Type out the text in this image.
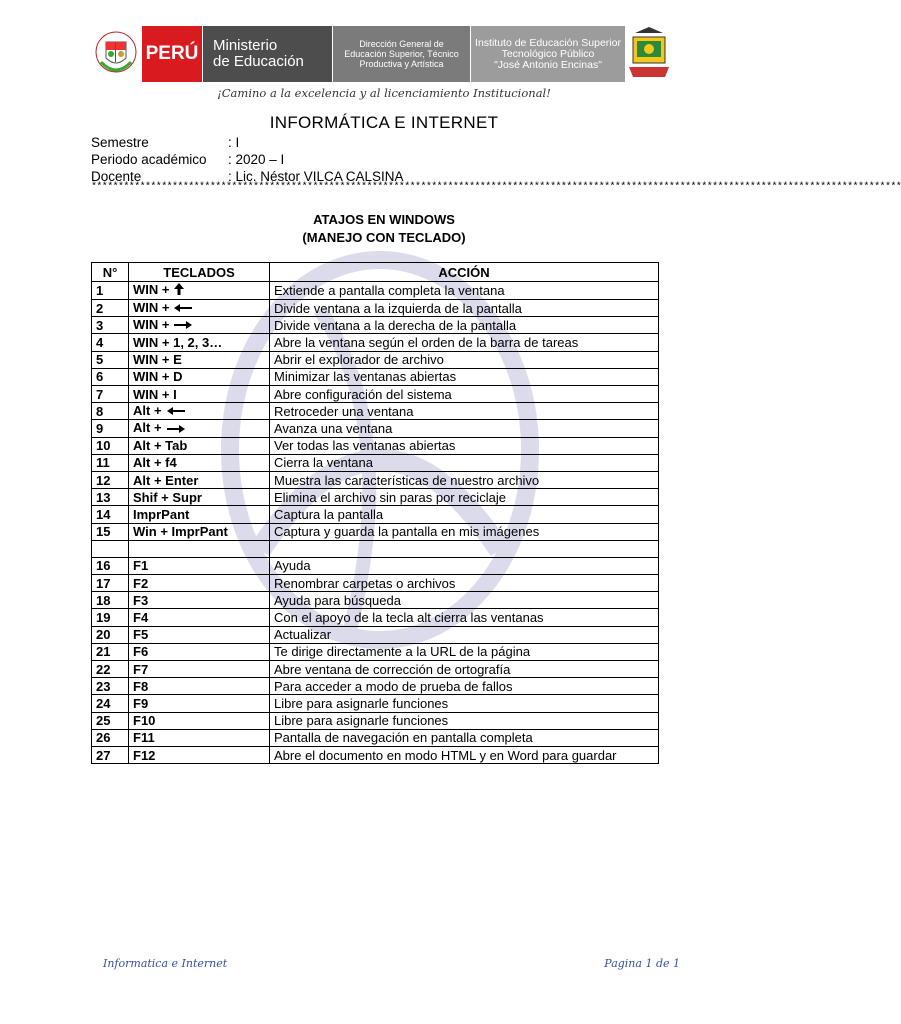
PERÚ Ministerio
de Educación
Dirección General de Educación Superior, Técnico Productiva y Artística
Instituto de Educación Superior
Tecnológico Público
"José Antonio Encinas"
¡Camino a la excelencia y al licenciamiento Institucional!
INFORMÁTICA E INTERNET
Semestre	: I
Periodo académico	: 2020 – I
Docente	: Lic. Néstor VILCA CALSINA
******************************************************************************************************************************************************
ATAJOS EN WINDOWS
(MANEJO CON TECLADO)
N°	TECLADOS	ACCIÓN
1	WIN +	Extiende a pantalla completa la ventana
2	WIN +	Divide ventana a la izquierda de la pantalla
3	WIN +	Divide ventana a la derecha de la pantalla
4	WIN + 1, 2, 3…	Abre la ventana según el orden de la barra de tareas
5	WIN + E	Abrir el explorador de archivo
6	WIN + D	Minimizar las ventanas abiertas
7	WIN + I	Abre configuración del sistema
8	Alt +	Retroceder una ventana
9	Alt +	Avanza una ventana
10	Alt + Tab	Ver todas las ventanas abiertas
11	Alt + f4	Cierra la ventana
12	Alt + Enter	Muestra las características de nuestro archivo
13	Shif + Supr	Elimina el archivo sin paras por reciclaje
14	ImprPant	Captura la pantalla
15	Win + ImprPant	Captura y guarda la pantalla en mis imágenes

16	F1	Ayuda
17	F2	Renombrar carpetas o archivos
18	F3	Ayuda para búsqueda
19	F4	Con el apoyo de la tecla alt cierra las ventanas
20	F5	Actualizar
21	F6	Te dirige directamente a la URL de la página
22	F7	Abre ventana de corrección de ortografía
23	F8	Para acceder a modo de prueba de fallos
24	F9	Libre para asignarle funciones
25	F10	Libre para asignarle funciones
26	F11	Pantalla de navegación en pantalla completa
27	F12	Abre el documento en modo HTML y en Word para guardar
Informatica e Internet	Pagina 1 de 1
